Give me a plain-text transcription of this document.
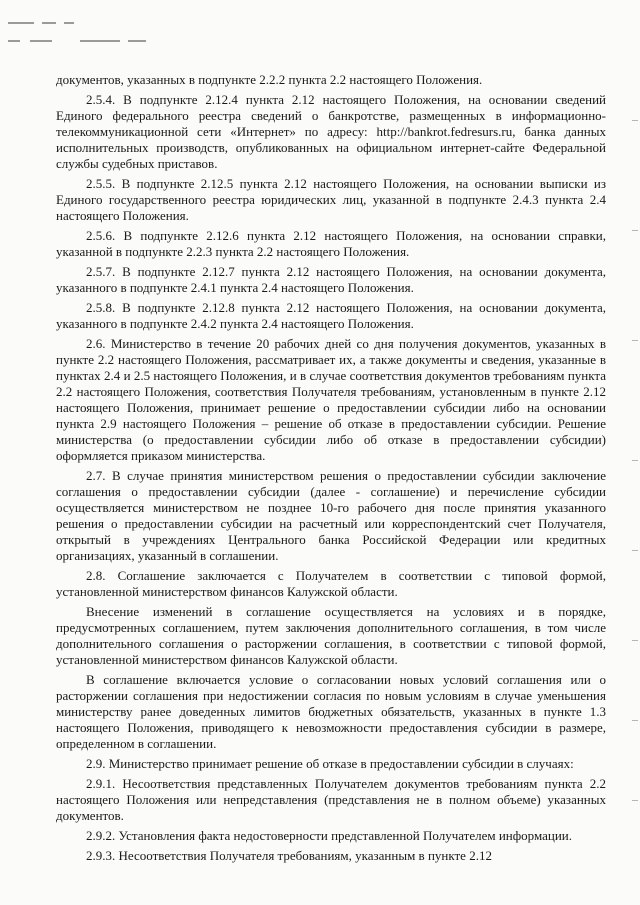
документов, указанных в подпункте 2.2.2 пункта 2.2 настоящего Положения.

2.5.4. В подпункте 2.12.4 пункта 2.12 настоящего Положения, на основании сведений Единого федерального реестра сведений о банкротстве, размещенных в информационно-телекоммуникационной сети «Интернет» по адресу: http://bankrot.fedresurs.ru, банка данных исполнительных производств, опубликованных на официальном интернет-сайте Федеральной службы судебных приставов.

2.5.5. В подпункте 2.12.5 пункта 2.12 настоящего Положения, на основании выписки из Единого государственного реестра юридических лиц, указанной в подпункте 2.4.3 пункта 2.4 настоящего Положения.

2.5.6. В подпункте 2.12.6 пункта 2.12 настоящего Положения, на основании справки, указанной в подпункте 2.2.3 пункта 2.2 настоящего Положения.

2.5.7. В подпункте 2.12.7 пункта 2.12 настоящего Положения, на основании документа, указанного в подпункте 2.4.1 пункта 2.4 настоящего Положения.

2.5.8. В подпункте 2.12.8 пункта 2.12 настоящего Положения, на основании документа, указанного в подпункте 2.4.2 пункта 2.4 настоящего Положения.

2.6. Министерство в течение 20 рабочих дней со дня получения документов, указанных в пункте 2.2 настоящего Положения, рассматривает их, а также документы и сведения, указанные в пунктах 2.4 и 2.5 настоящего Положения, и в случае соответствия документов требованиям пункта 2.2 настоящего Положения, соответствия Получателя требованиям, установленным в пункте 2.12 настоящего Положения, принимает решение о предоставлении субсидии либо на основании пункта 2.9 настоящего Положения – решение об отказе в предоставлении субсидии. Решение министерства (о предоставлении субсидии либо об отказе в предоставлении субсидии) оформляется приказом министерства.

2.7. В случае принятия министерством решения о предоставлении субсидии заключение соглашения о предоставлении субсидии (далее - соглашение) и перечисление субсидии осуществляется министерством не позднее 10-го рабочего дня после принятия указанного решения о предоставлении субсидии на расчетный или корреспондентский счет Получателя, открытый в учреждениях Центрального банка Российской Федерации или кредитных организациях, указанный в соглашении.

2.8. Соглашение заключается с Получателем в соответствии с типовой формой, установленной министерством финансов Калужской области.

Внесение изменений в соглашение осуществляется на условиях и в порядке, предусмотренных соглашением, путем заключения дополнительного соглашения, в том числе дополнительного соглашения о расторжении соглашения, в соответствии с типовой формой, установленной министерством финансов Калужской области.

В соглашение включается условие о согласовании новых условий соглашения или о расторжении соглашения при недостижении согласия по новым условиям в случае уменьшения министерству ранее доведенных лимитов бюджетных обязательств, указанных в пункте 1.3 настоящего Положения, приводящего к невозможности предоставления субсидии в размере, определенном в соглашении.

2.9. Министерство принимает решение об отказе в предоставлении субсидии в случаях:

2.9.1. Несоответствия представленных Получателем документов требованиям пункта 2.2 настоящего Положения или непредставления (представления не в полном объеме) указанных документов.

2.9.2. Установления факта недостоверности представленной Получателем информации.

2.9.3. Несоответствия Получателя требованиям, указанным в пункте 2.12
